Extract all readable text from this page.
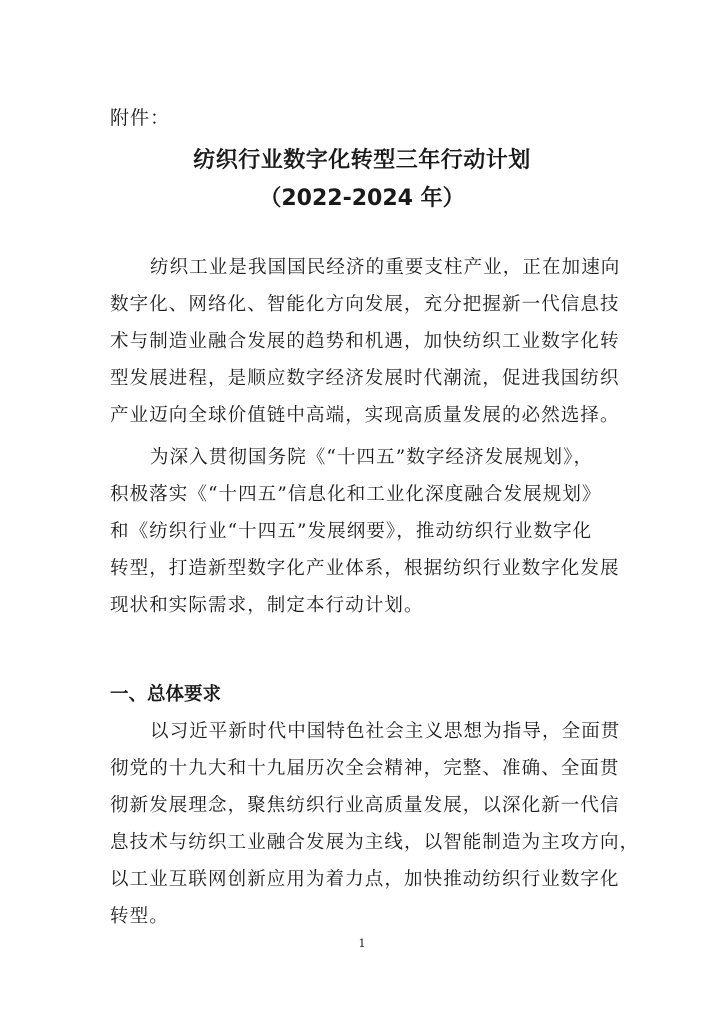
附件：
纺织行业数字化转型三年行动计划
（2022-2024 年）
纺织工业是我国国民经济的重要支柱产业，正在加速向
数字化、网络化、智能化方向发展，充分把握新一代信息技
术与制造业融合发展的趋势和机遇，加快纺织工业数字化转
型发展进程，是顺应数字经济发展时代潮流，促进我国纺织
产业迈向全球价值链中高端，实现高质量发展的必然选择。
为深入贯彻国务院《“十四五”数字经济发展规划》，
积极落实《“十四五”信息化和工业化深度融合发展规划》
和《纺织行业“十四五”发展纲要》，推动纺织行业数字化
转型，打造新型数字化产业体系，根据纺织行业数字化发展
现状和实际需求，制定本行动计划。
一、总体要求
以习近平新时代中国特色社会主义思想为指导，全面贯
彻党的十九大和十九届历次全会精神，完整、准确、全面贯
彻新发展理念，聚焦纺织行业高质量发展，以深化新一代信
息技术与纺织工业融合发展为主线，以智能制造为主攻方向，
以工业互联网创新应用为着力点，加快推动纺织行业数字化
转型。
1
